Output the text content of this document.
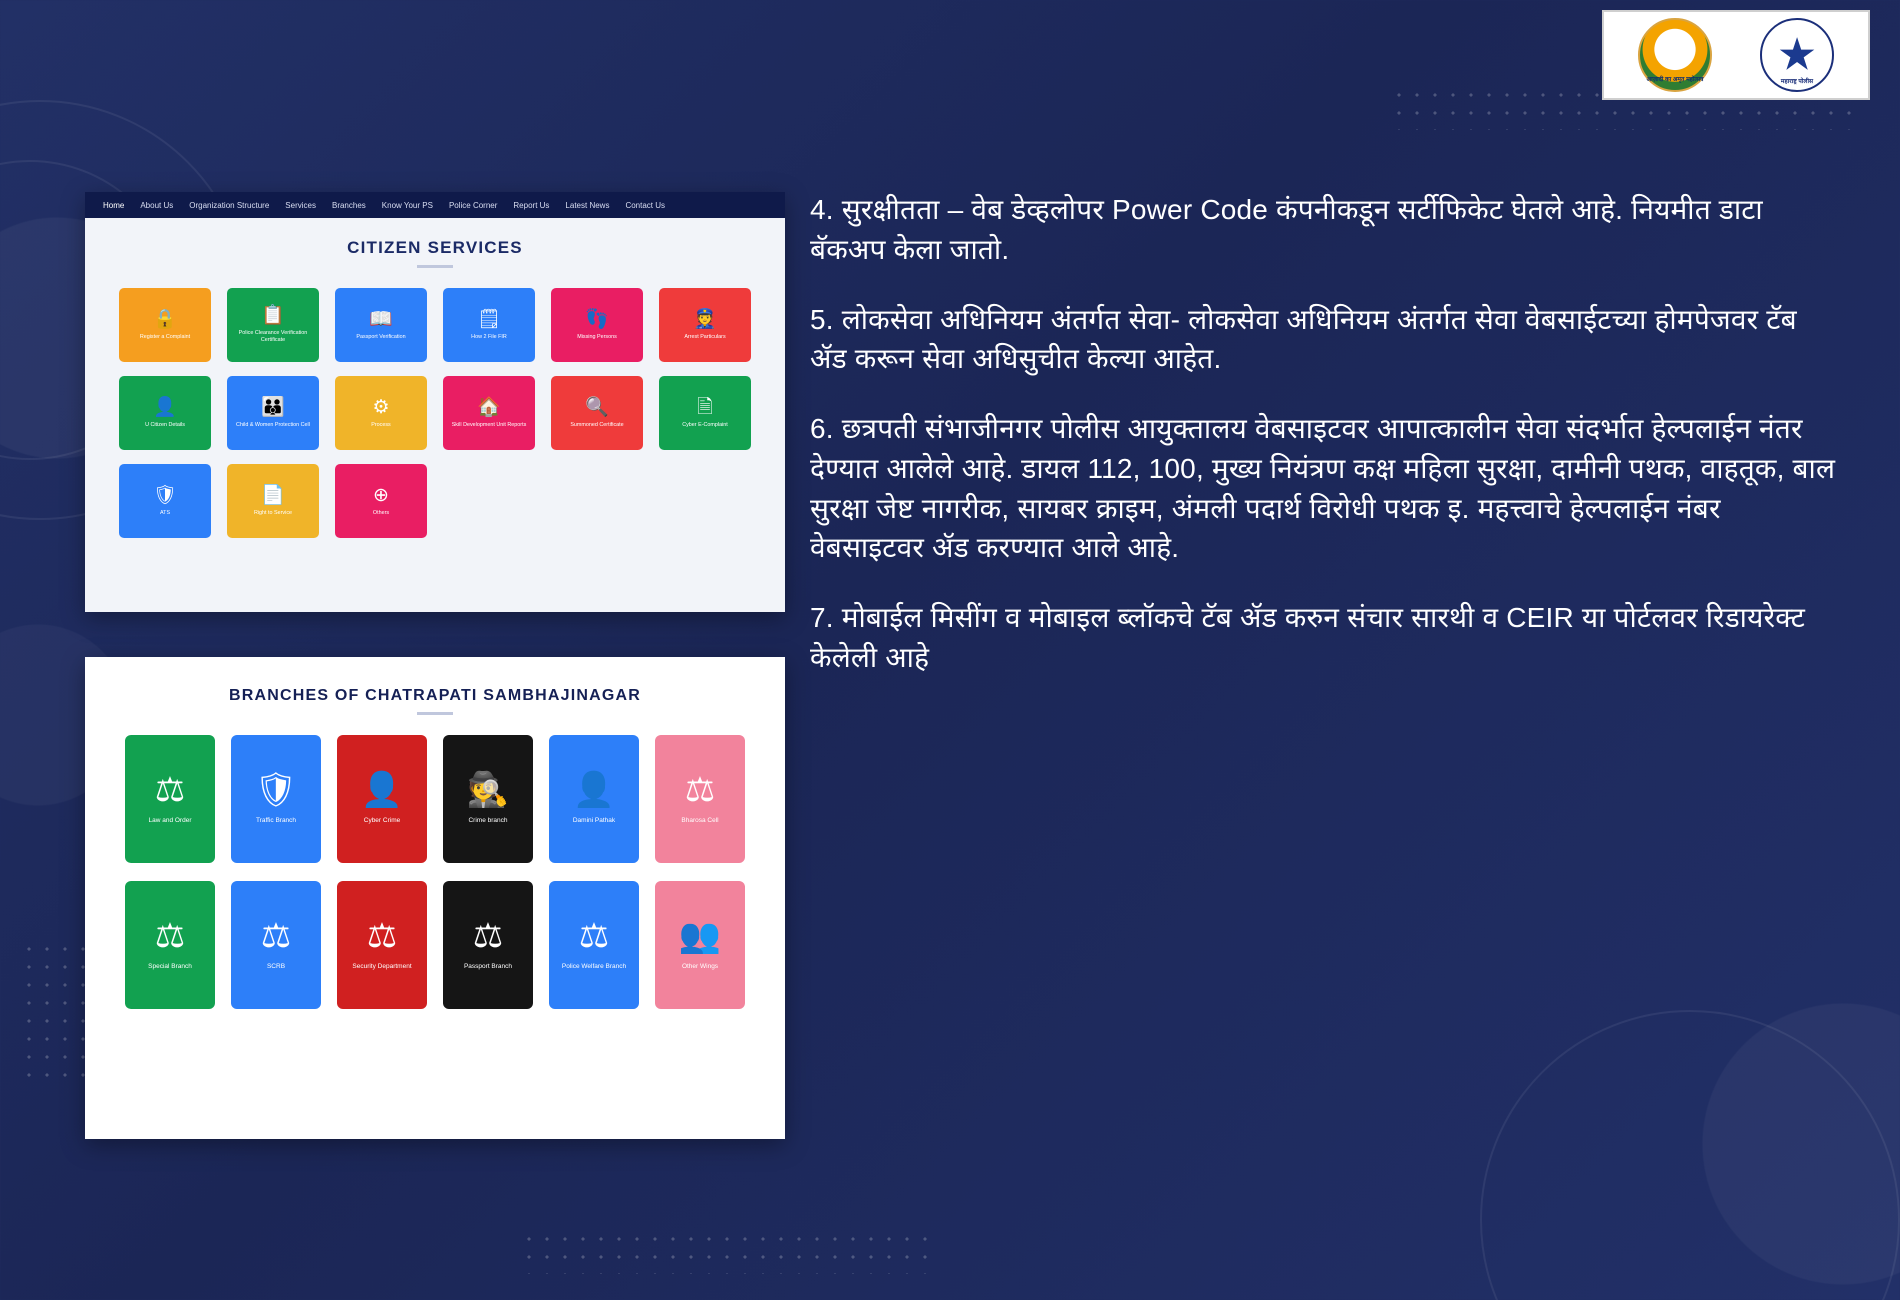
आज़ादी का अमृत महोत्सव
★
महाराष्ट्र पोलीस
Home About Us Organization Structure Services Branches Know Your PS Police Corner Report Us Latest News Contact Us
CITIZEN SERVICES
🔒
Register a Complaint
📋
Police Clearance Verification Certificate
📖
Passport Verification
🗒
How 2 File FIR
👣
Missing Persons
👮
Arrest Particulars
👤
U Citizen Details
👪
Child & Women Protection Cell
⚙
Process
🏠
Skill Development Unit Reports
🔍
Summoned Certificate
🗎
Cyber E-Complaint
🛡
ATS
📄
Right to Service
⊕
Others
BRANCHES OF CHATRAPATI SAMBHAJINAGAR
⚖
Law and Order
🛡
Traffic Branch
👤
Cyber Crime
🕵
Crime branch
👤
Damini Pathak
⚖
Bharosa Cell
⚖
Special Branch
⚖
SCRB
⚖
Security Department
⚖
Passport Branch
⚖
Police Welfare Branch
👥
Other Wings

4. सुरक्षीतता – वेब डेव्हलोपर Power Code कंपनीकडून सर्टीफिकेट घेतले आहे. नियमीत डाटा बॅकअप केला जातो.

5. लोकसेवा अधिनियम अंतर्गत सेवा- लोकसेवा अधिनियम अंतर्गत सेवा वेबसाईटच्या होमपेजवर टॅब ॲड करून सेवा अधिसुचीत केल्या आहेत.

6. छत्रपती संभाजीनगर पोलीस आयुक्तालय वेबसाइटवर आपात्कालीन सेवा संदर्भात हेल्पलाईन नंतर देण्यात आलेले आहे. डायल 112, 100, मुख्य नियंत्रण कक्ष महिला सुरक्षा, दामीनी पथक, वाहतूक, बाल सुरक्षा जेष्ट नागरीक, सायबर क्राइम, अंमली पदार्थ विरोधी पथक इ. महत्त्वाचे हेल्पलाईन नंबर वेबसाइटवर ॲड करण्यात आले आहे.

7. मोबाईल मिसींग व मोबाइल ब्लॉकचे टॅब ॲड करुन संचार सारथी व CEIR या पोर्टलवर रिडायरेक्ट केलेली आहे
